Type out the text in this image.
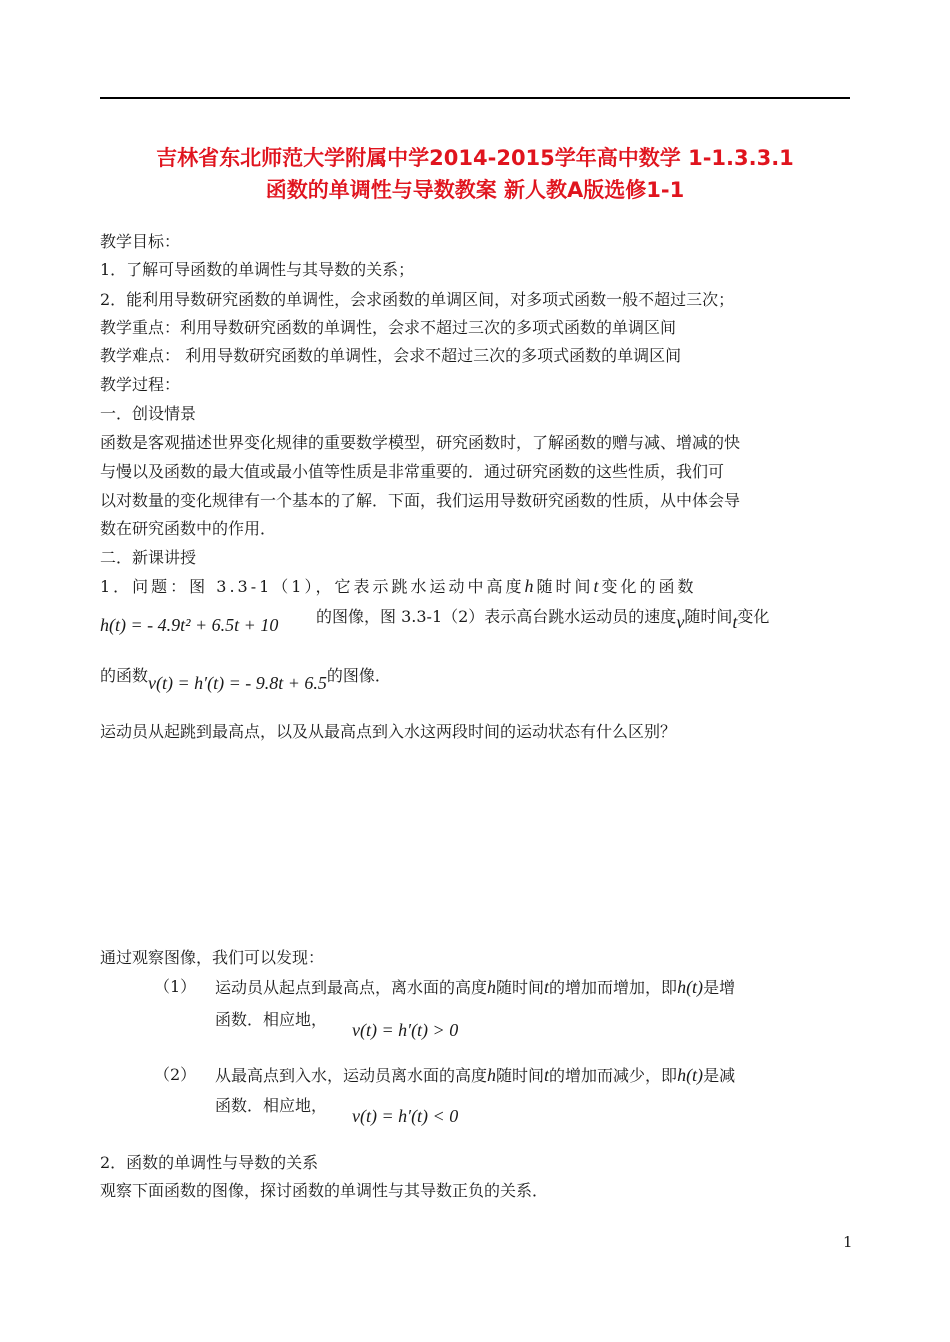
吉林省东北师范大学附属中学2014-2015学年高中数学 1-1.3.3.1
函数的单调性与导数教案 新人教A版选修1-1
教学目标：
1．了解可导函数的单调性与其导数的关系；
2．能利用导数研究函数的单调性，会求函数的单调区间，对多项式函数一般不超过三次；
教学重点：利用导数研究函数的单调性，会求不超过三次的多项式函数的单调区间
教学难点： 利用导数研究函数的单调性，会求不超过三次的多项式函数的单调区间
教学过程：
一．创设情景
函数是客观描述世界变化规律的重要数学模型，研究函数时，了解函数的赠与减、增减的快
与慢以及函数的最大值或最小值等性质是非常重要的．通过研究函数的这些性质，我们可
以对数量的变化规律有一个基本的了解．下面，我们运用导数研究函数的性质，从中体会导
数在研究函数中的作用．
二．新课讲授
1．问题：图 3.3-1（1），它表示跳水运动中高度h随时间t变化的函数
h(t) = - 4.9t² + 6.5t + 10 的图像，图 3.3-1（2）表示高台跳水运动员的速度v随时间t变化
的函数v(t) = h′(t) = - 9.8t + 6.5的图像．
运动员从起跳到最高点，以及从最高点到入水这两段时间的运动状态有什么区别？
通过观察图像，我们可以发现：
（1） 运动员从起点到最高点，离水面的高度h随时间t的增加而增加，即h(t)是增
函数．相应地，
v(t) = h′(t) > 0
（2） 从最高点到入水，运动员离水面的高度h随时间t的增加而减少，即h(t)是减
函数．相应地，
v(t) = h′(t) < 0
2．函数的单调性与导数的关系
观察下面函数的图像，探讨函数的单调性与其导数正负的关系．
1
